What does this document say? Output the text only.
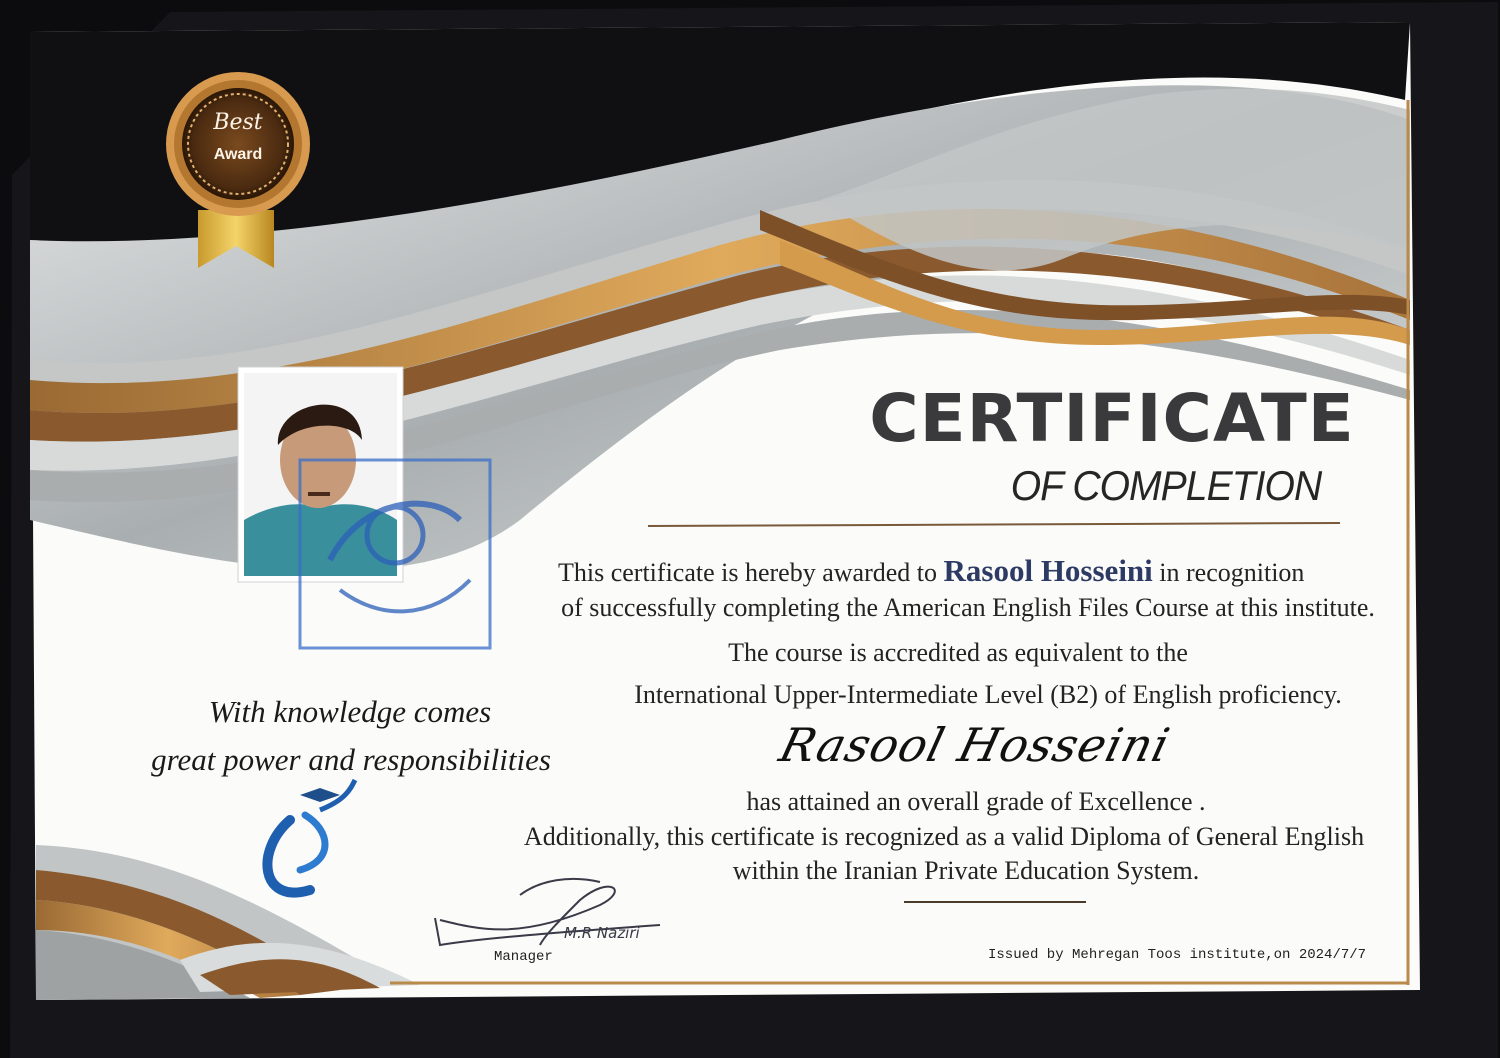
Best
Award
CERTIFICATE
OF COMPLETION
This certificate is hereby awarded to Rasool Hosseini in recognition
of successfully completing the American English Files Course at this institute.
The course is accredited as equivalent to the
International Upper-Intermediate Level (B2) of English proficiency.
Rasool Hosseini
has attained an overall grade of Excellence .
Additionally, this certificate is recognized as a valid Diploma of General English
within the Iranian Private Education System.
With knowledge comes
great power and responsibilities
Manager
M.R Naziri
Issued by Mehregan Toos institute,on 2024/7/7
